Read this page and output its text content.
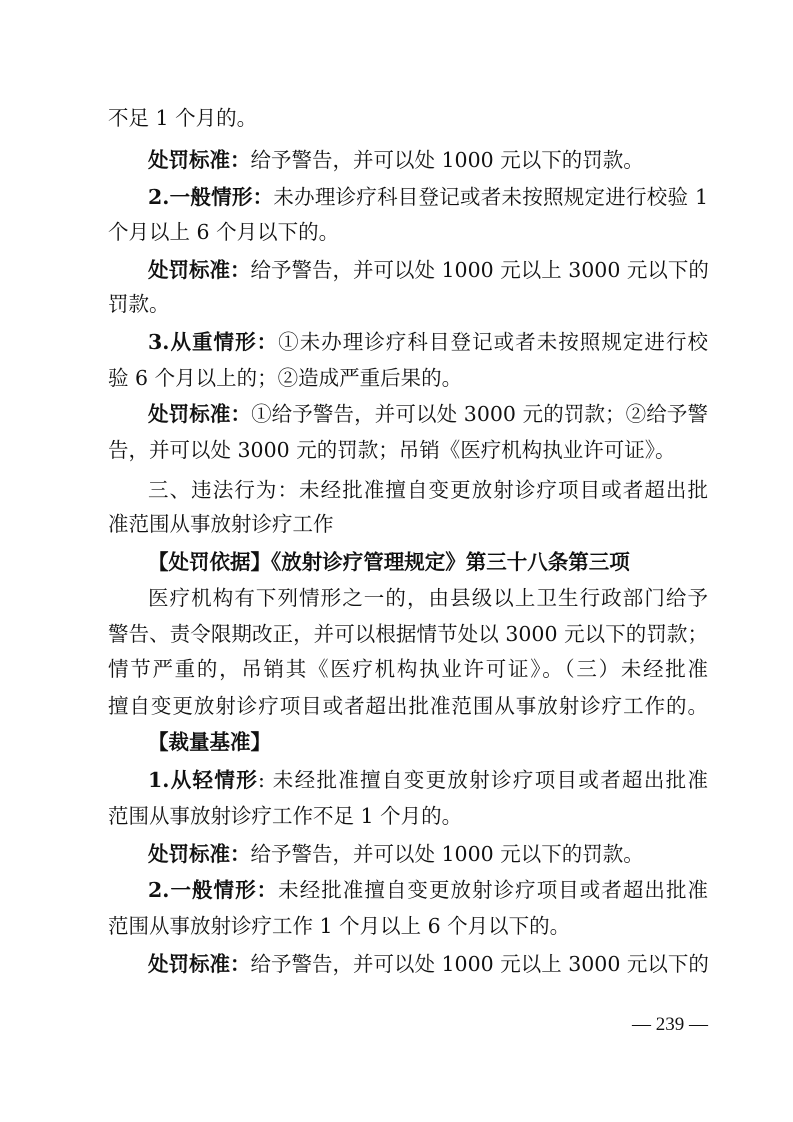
不足 1 个月的。
处罚标准：给予警告，并可以处 1000 元以下的罚款。
2.一般情形：未办理诊疗科目登记或者未按照规定进行校验 1
个月以上 6 个月以下的。
处罚标准：给予警告，并可以处 1000 元以上 3000 元以下的
罚款。
3.从重情形：①未办理诊疗科目登记或者未按照规定进行校
验 6 个月以上的；②造成严重后果的。
处罚标准：①给予警告，并可以处 3000 元的罚款；②给予警
告，并可以处 3000 元的罚款；吊销《医疗机构执业许可证》。
三、违法行为：未经批准擅自变更放射诊疗项目或者超出批
准范围从事放射诊疗工作
【处罚依据】《放射诊疗管理规定》第三十八条第三项
医疗机构有下列情形之一的，由县级以上卫生行政部门给予
警告、责令限期改正，并可以根据情节处以 3000 元以下的罚款；
情节严重的，吊销其《医疗机构执业许可证》。（三）未经批准
擅自变更放射诊疗项目或者超出批准范围从事放射诊疗工作的。
【裁量基准】
1.从轻情形: 未经批准擅自变更放射诊疗项目或者超出批准
范围从事放射诊疗工作不足 1 个月的。
处罚标准：给予警告，并可以处 1000 元以下的罚款。
2.一般情形：未经批准擅自变更放射诊疗项目或者超出批准
范围从事放射诊疗工作 1 个月以上 6 个月以下的。
处罚标准：给予警告，并可以处 1000 元以上 3000 元以下的
— 239 —
